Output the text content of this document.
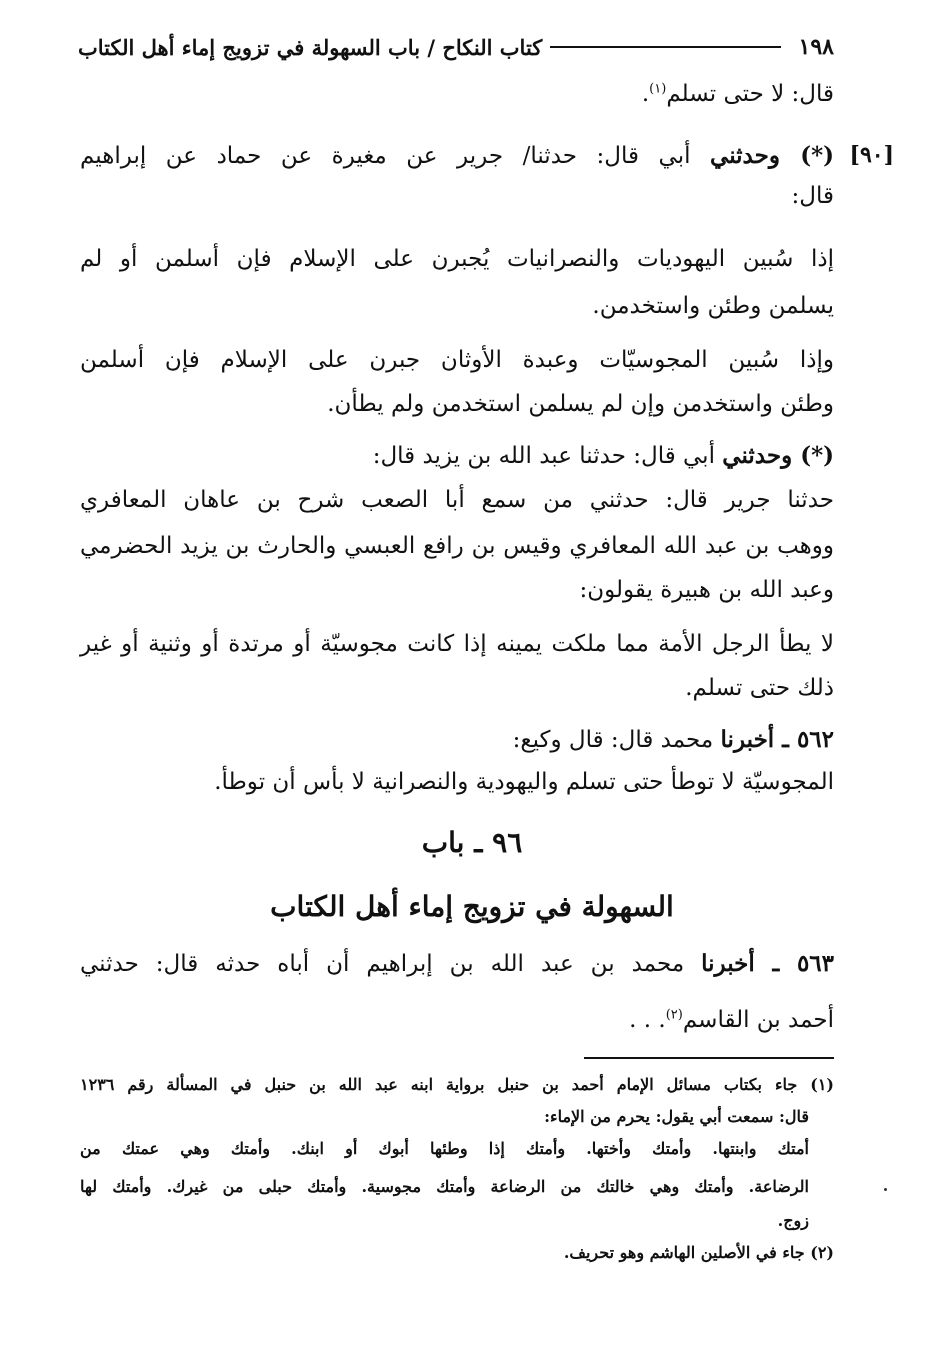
١٩٨
كتاب النكاح / باب السهولة في تزويج إماء أهل الكتاب
[٩٠]
قال: لا حتى تسلم$^{(١)}$.
(*) وحدثني أبي قال: حدثنا/ جرير عن مغيرة عن حماد عن إبراهيم
قال:
إذا سُبين اليهوديات والنصرانيات يُجبرن على الإسلام فإن أسلمن أو لم
يسلمن وطئن واستخدمن.
وإذا سُبين المجوسيّات وعبدة الأوثان جبرن على الإسلام فإن أسلمن
وطئن واستخدمن وإن لم يسلمن استخدمن ولم يطأن.
(*) وحدثني أبي قال: حدثنا عبد الله بن يزيد قال:
حدثنا جرير قال: حدثني من سمع أبا الصعب شرح بن عاهان المعافري
ووهب بن عبد الله المعافري وقيس بن رافع العبسي والحارث بن يزيد الحضرمي
وعبد الله بن هبيرة يقولون:
لا يطأ الرجل الأمة مما ملكت يمينه إذا كانت مجوسيّة أو مرتدة أو وثنية أو غير
ذلك حتى تسلم.
٥٦٢ ـ أخبرنا محمد قال: قال وكيع:
المجوسيّة لا توطأ حتى تسلم واليهودية والنصرانية لا بأس أن توطأ.
٩٦ ـ باب
السهولة في تزويج إماء أهل الكتاب
٥٦٣ ـ أخبرنا محمد بن عبد الله بن إبراهيم أن أباه حدثه قال: حدثني
أحمد بن القاسم$^{(٢)}$. . .
(١) جاء بكتاب مسائل الإمام أحمد بن حنبل برواية ابنه عبد الله بن حنبل في المسألة رقم ١٢٣٦
قال: سمعت أبي يقول: يحرم من الإماء:
أمتك وابنتها. وأمتك وأختها. وأمتك إذا وطئها أبوك أو ابنك. وأمتك وهي عمتك من
الرضاعة. وأمتك وهي خالتك من الرضاعة وأمتك مجوسية. وأمتك حبلى من غيرك. وأمتك لها
زوج.
(٢) جاء في الأصلين الهاشم وهو تحريف.
